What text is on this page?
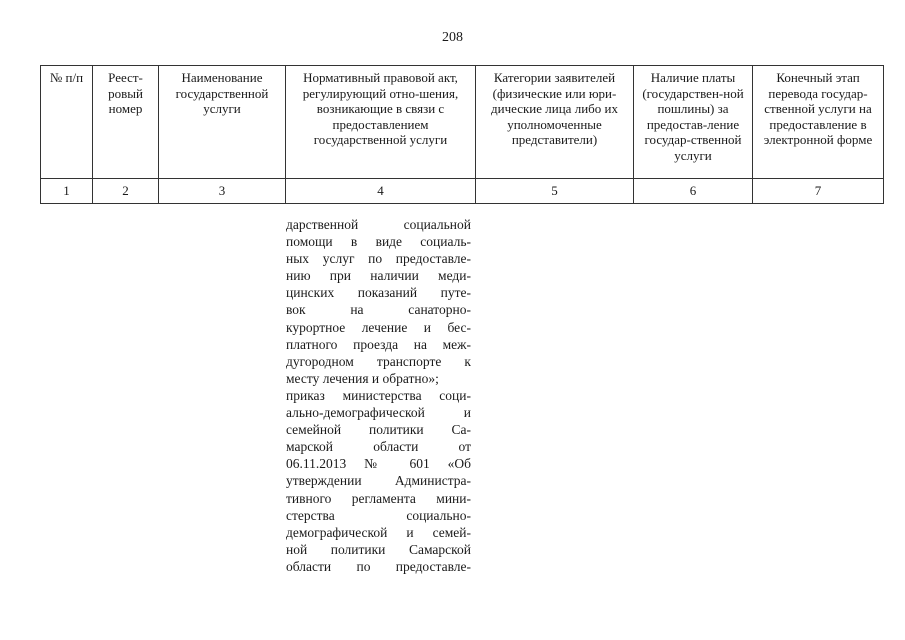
208
№ п/п	Реест-ровый номер	Наименование государственной услуги	Нормативный правовой акт, регулирующий отно-шения, возникающие в связи с предоставлением государственной услуги	Категории заявителей (физические или юри-дические лица либо их уполномоченные представители)	Наличие платы (государствен-ной пошлины) за предостав-ление государ-ственной услуги	Конечный этап перевода государ-ственной услуги на предоставление в электронной форме
1	2	3	4	5	6	7
дарственной социальной
помощи в виде социаль-
ных услуг по предоставле-
нию при наличии меди-
цинских показаний путе-
вок на санаторно-
курортное лечение и бес-
платного проезда на меж-
дугородном транспорте к
месту лечения и обратно»;
приказ министерства соци-
ально-демографической и
семейной политики Са-
марской области от
06.11.2013 № 601 «Об
утверждении Администра-
тивного регламента мини-
стерства социально-
демографической и семей-
ной политики Самарской
области по предоставле-
